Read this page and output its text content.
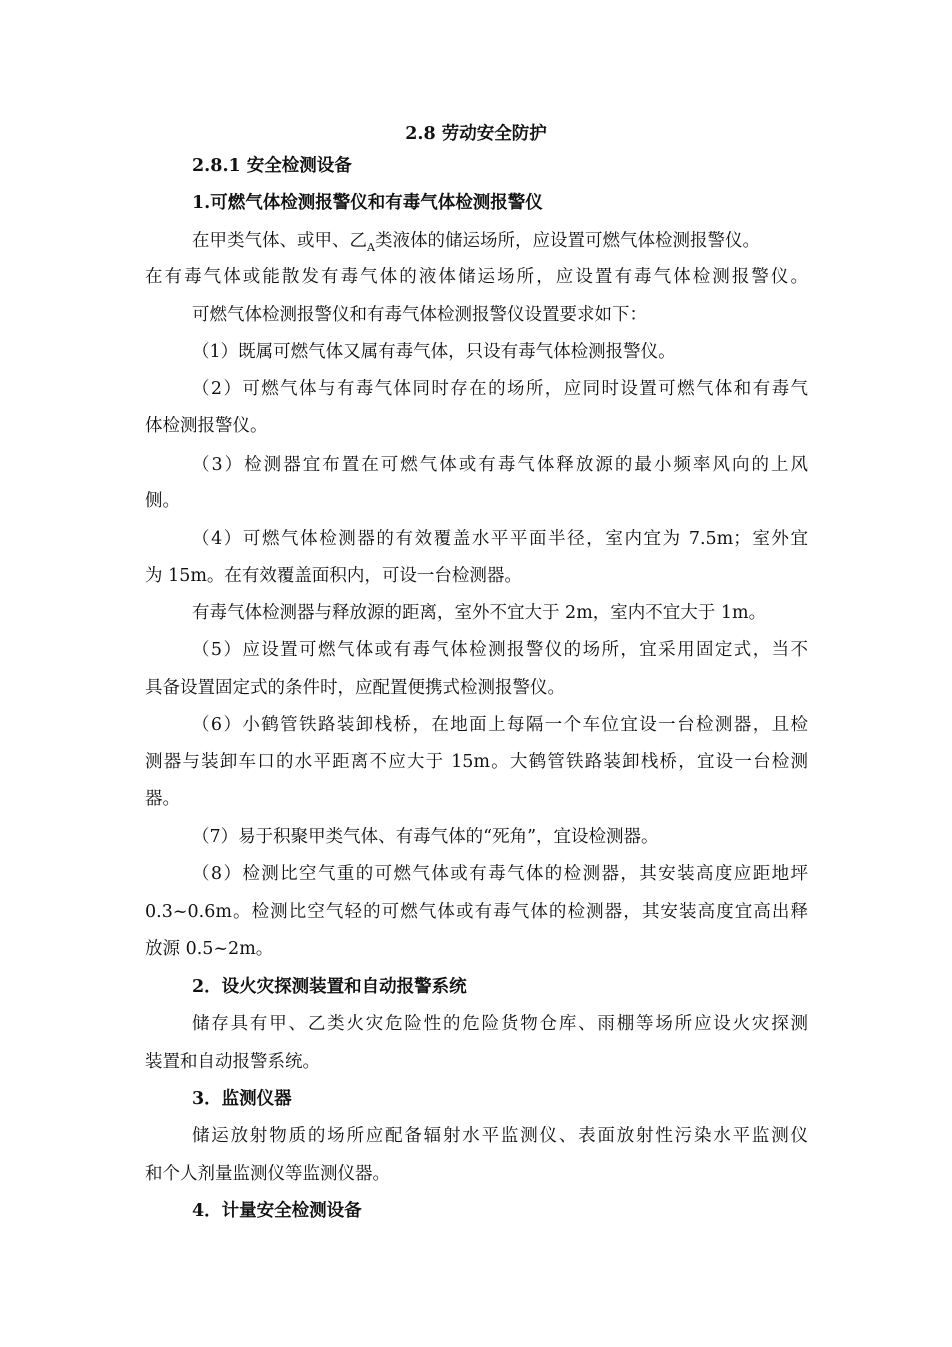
2.8 劳动安全防护
2.8.1 安全检测设备
1.可燃气体检测报警仪和有毒气体检测报警仪
在甲类气体、或甲、乙$_A$类液体的储运场所，应设置可燃气体检测报警仪。
在有毒气体或能散发有毒气体的液体储运场所，应设置有毒气体检测报警仪。
可燃气体检测报警仪和有毒气体检测报警仪设置要求如下：
（1）既属可燃气体又属有毒气体，只设有毒气体检测报警仪。
（2）可燃气体与有毒气体同时存在的场所，应同时设置可燃气体和有毒气
体检测报警仪。
（3）检测器宜布置在可燃气体或有毒气体释放源的最小频率风向的上风
侧。
（4）可燃气体检测器的有效覆盖水平平面半径，室内宜为 7.5m；室外宜
为 15m。在有效覆盖面积内，可设一台检测器。
有毒气体检测器与释放源的距离，室外不宜大于 2m，室内不宜大于 1m。
（5）应设置可燃气体或有毒气体检测报警仪的场所，宜采用固定式，当不
具备设置固定式的条件时，应配置便携式检测报警仪。
（6）小鹤管铁路装卸栈桥，在地面上每隔一个车位宜设一台检测器，且检
测器与装卸车口的水平距离不应大于 15m。大鹤管铁路装卸栈桥，宜设一台检测
器。
（7）易于积聚甲类气体、有毒气体的“死角”，宜设检测器。
（8）检测比空气重的可燃气体或有毒气体的检测器，其安装高度应距地坪
0.3~0.6m。检测比空气轻的可燃气体或有毒气体的检测器，其安装高度宜高出释
放源 0.5~2m。
2．设火灾探测装置和自动报警系统
储存具有甲、乙类火灾危险性的危险货物仓库、雨棚等场所应设火灾探测
装置和自动报警系统。
3．监测仪器
储运放射物质的场所应配备辐射水平监测仪、表面放射性污染水平监测仪
和个人剂量监测仪等监测仪器。
4．计量安全检测设备
